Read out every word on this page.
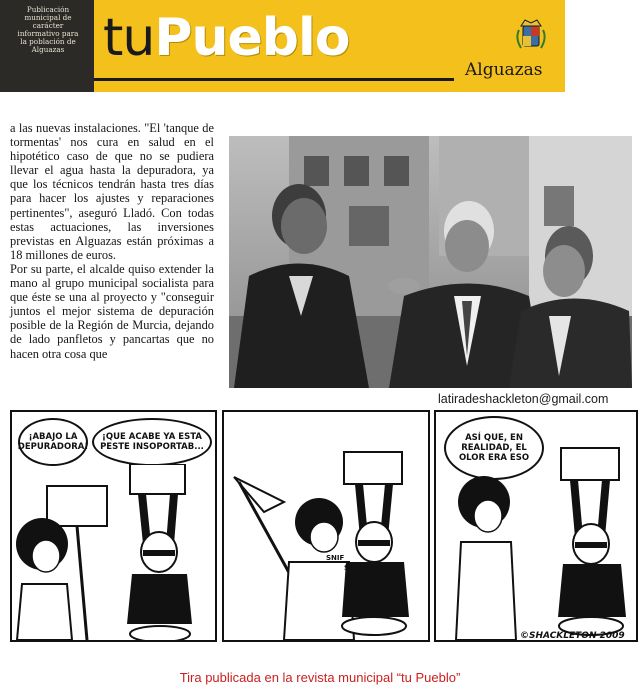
Publicación
municipal de
carácter
informativo para
la población de
Alguazas tuPueblo
Alguazas

a las nuevas instalaciones. "El 'tanque de tormentas' nos cura en salud en el hipotético caso de que no se pudiera llevar el agua hasta la depuradora, ya que los técnicos tendrán hasta tres días para hacer los ajustes y reparaciones pertinentes", aseguró Lladó. Con todas estas actuaciones, las inversiones previstas en Alguazas están próximas a 18 millones de euros.

Por su parte, el alcalde quiso extender la mano al grupo municipal socialista para que éste se una al proyecto y "conseguir juntos el mejor sistema de depuración posible de la Región de Murcia, dejando de lado panfletos y pancartas que no hacen otra cosa que

latiradeshackleton@gmail.com
¡ABAJO LA
DEPURADORA!
¡QUE ACABE YA ESTA
PESTE INSOPORTAB...
SNIF
SNIF
ASÍ QUE, EN
REALIDAD, EL
OLOR ERA ESO
©SHACKLETON 2009
Tira publicada en la revista municipal “tu Pueblo”
